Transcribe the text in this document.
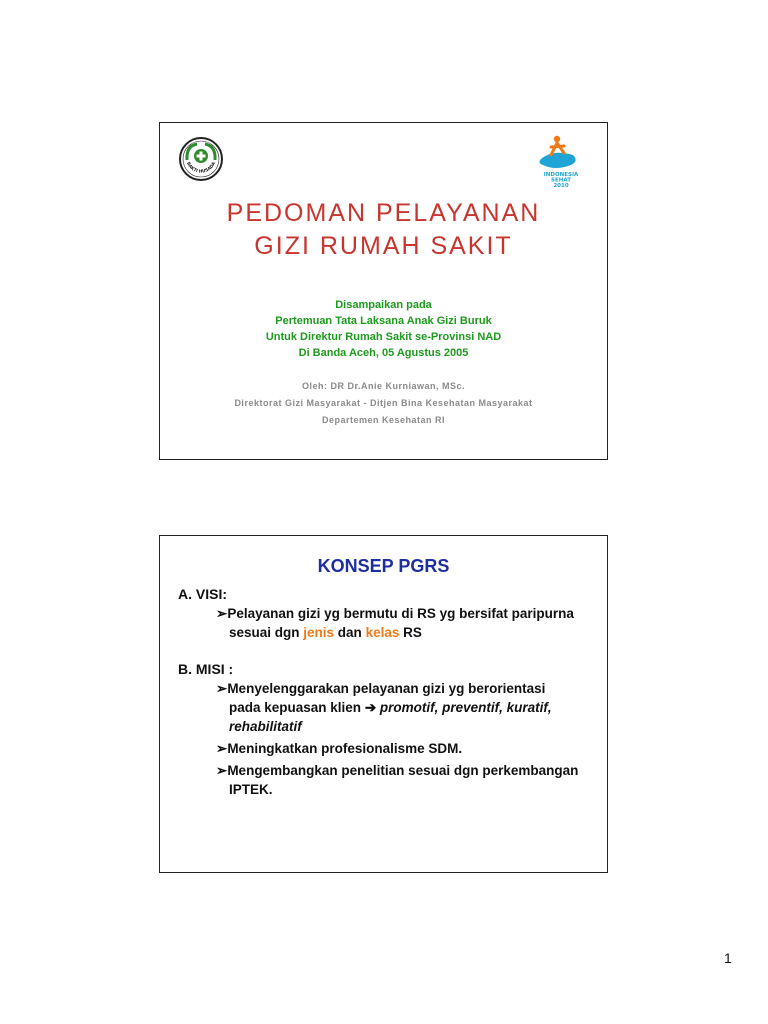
BAKTI HUSADA
INDONESIA
SEHAT
2010
PEDOMAN PELAYANAN
GIZI RUMAH SAKIT
Disampaikan pada
Pertemuan Tata Laksana Anak Gizi Buruk
Untuk Direktur Rumah Sakit se-Provinsi NAD
Di Banda Aceh, 05 Agustus 2005
Oleh: DR Dr.Anie Kurniawan, MSc.
Direktorat Gizi Masyarakat - Ditjen Bina Kesehatan Masyarakat
Departemen Kesehatan RI
KONSEP PGRS
A. VISI:
➢Pelayanan gizi yg bermutu di RS yg bersifat paripurna
sesuai dgn jenis dan kelas RS
B. MISI :
➢Menyelenggarakan pelayanan gizi yg berorientasi
pada kepuasan klien ➔ promotif, preventif, kuratif,
rehabilitatif
➢Meningkatkan profesionalisme SDM.
➢Mengembangkan penelitian sesuai dgn perkembangan
IPTEK.
1
